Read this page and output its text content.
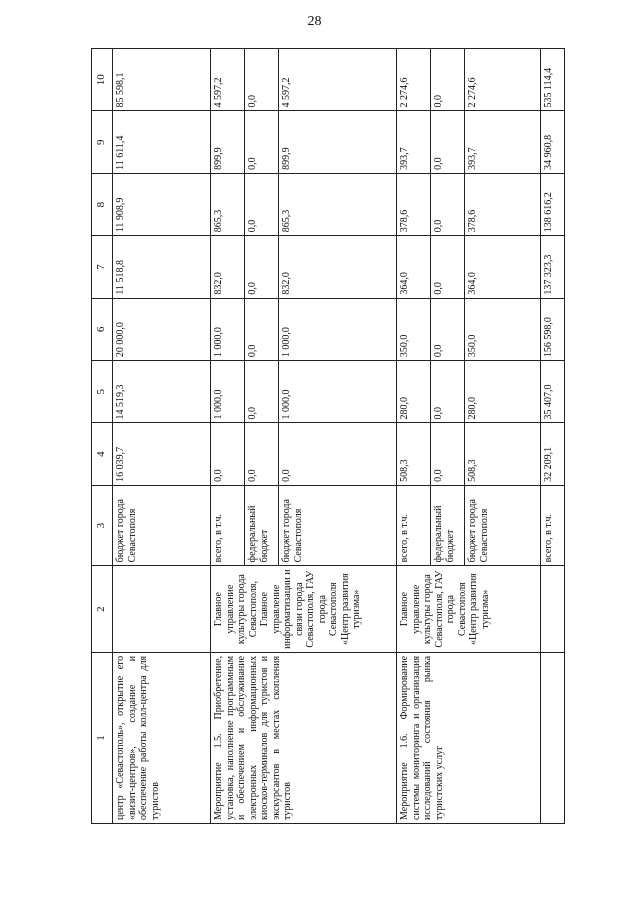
28
1	2	3	4	5	6	7	8	9	10
центр «Севастополь», открытие его «визит-центров», создание и обеспечение работы колл-центра для туристов		бюджет города Севастополя	16 039,7	14 519,3	20 000,0	11 518,8	11 908,9	11 611,4	85 598,1
Мероприятие 1.5. Приобретение, установка, наполнение программным и обеспечением и обслуживание электронных информационных киосков-терминалов для туристов и экскурсантов в местах скопления туристов	Главное управление культуры города Севастополя, Главное управление информатизации и связи города Севастополя, ГАУ города Севастополя «Центр развития туризма»	всего, в т.ч.	0,0	1 000,0	1 000,0	832,0	865,3	899,9	4 597,2
		федеральный бюджет	0,0	0,0	0,0	0,0	0,0	0,0	0,0
		бюджет города Севастополя	0,0	1 000,0	1 000,0	832,0	865,3	899,9	4 597,2
Мероприятие 1.6. Формирование системы мониторинга и организация исследований состояния рынка туристских услуг	Главное управление культуры города Севастополя, ГАУ города Севастополя «Центр развития туризма»	всего, в т.ч.	508,3	280,0	350,0	364,0	378,6	393,7	2 274,6
		федеральный бюджет	0,0	0,0	0,0	0,0	0,0	0,0	0,0
		бюджет города Севастополя	508,3	280,0	350,0	364,0	378,6	393,7	2 274,6
		всего, в т.ч.	32 209,1	35 407,0	156 598,0	137 323,3	138 616,2	34 960,8	535 114,4
